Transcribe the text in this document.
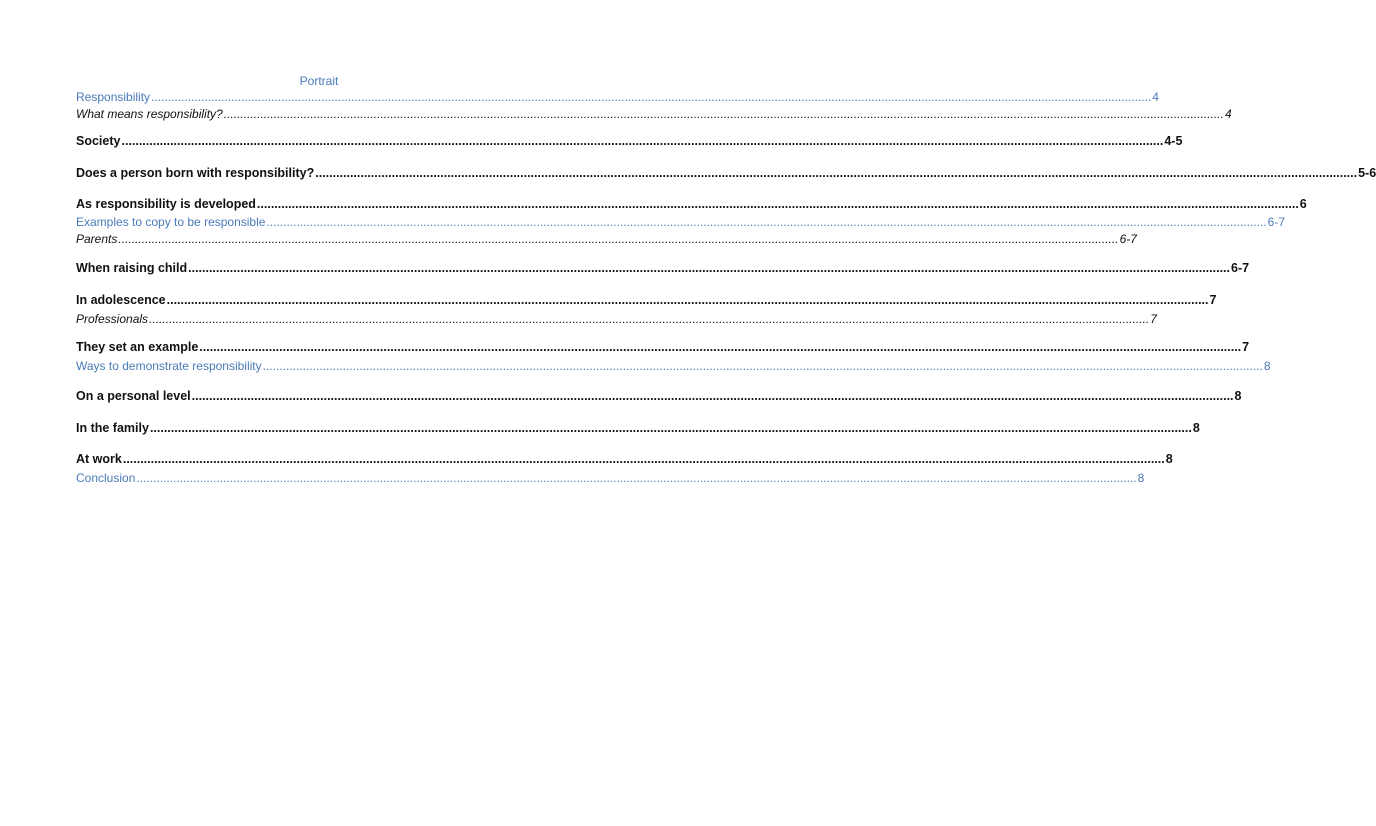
Portrait
Responsibility ............................................................................................................................................................................................................................................................................................................ 4
What means responsibility? ............................................................................................................................................................................................................................................................................................................ 4
Society ............................................................................................................................................................................................................................................................................................................ 4-5
Does a person born with responsibility? ............................................................................................................................................................................................................................................................................................................ 5-6
As responsibility is developed ............................................................................................................................................................................................................................................................................................................ 6
Examples to copy to be responsible ............................................................................................................................................................................................................................................................................................................ 6-7
Parents ............................................................................................................................................................................................................................................................................................................ 6-7
When raising child ............................................................................................................................................................................................................................................................................................................ 6-7
In adolescence ............................................................................................................................................................................................................................................................................................................ 7
Professionals ............................................................................................................................................................................................................................................................................................................ 7
They set an example ............................................................................................................................................................................................................................................................................................................ 7
Ways to demonstrate responsibility ............................................................................................................................................................................................................................................................................................................ 8
On a personal level ............................................................................................................................................................................................................................................................................................................ 8
In the family ............................................................................................................................................................................................................................................................................................................ 8
At work ............................................................................................................................................................................................................................................................................................................ 8
Conclusion ............................................................................................................................................................................................................................................................................................................ 8
